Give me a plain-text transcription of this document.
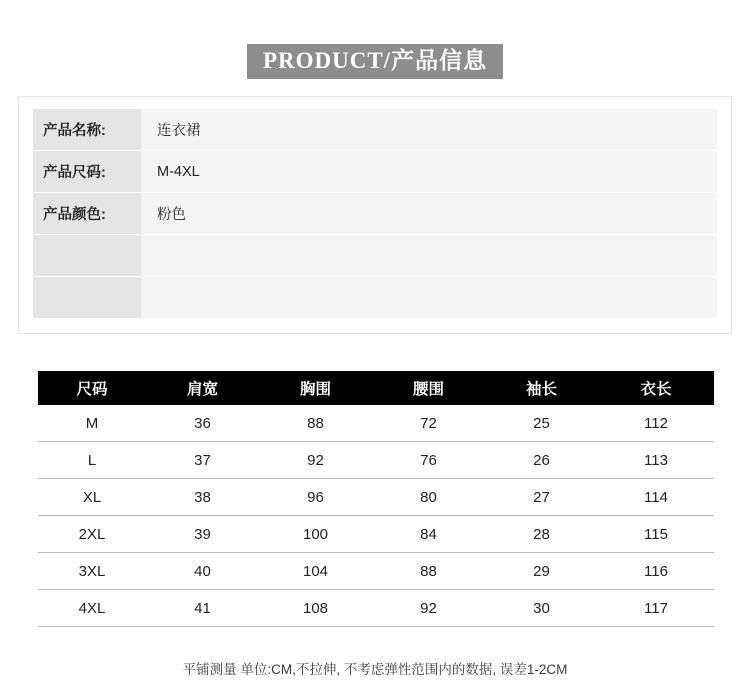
PRODUCT/产品信息
产品名称:	连衣裙
产品尺码:	M-4XL
产品颜色:	粉色
尺码	肩宽	胸围	腰围	袖长	衣长
M	36	88	72	25	112
L	37	92	76	26	113
XL	38	96	80	27	114
2XL	39	100	84	28	115
3XL	40	104	88	29	116
4XL	41	108	92	30	117
平铺测量 单位:CM,不拉伸, 不考虑弹性范围内的数据, 误差1-2CM
